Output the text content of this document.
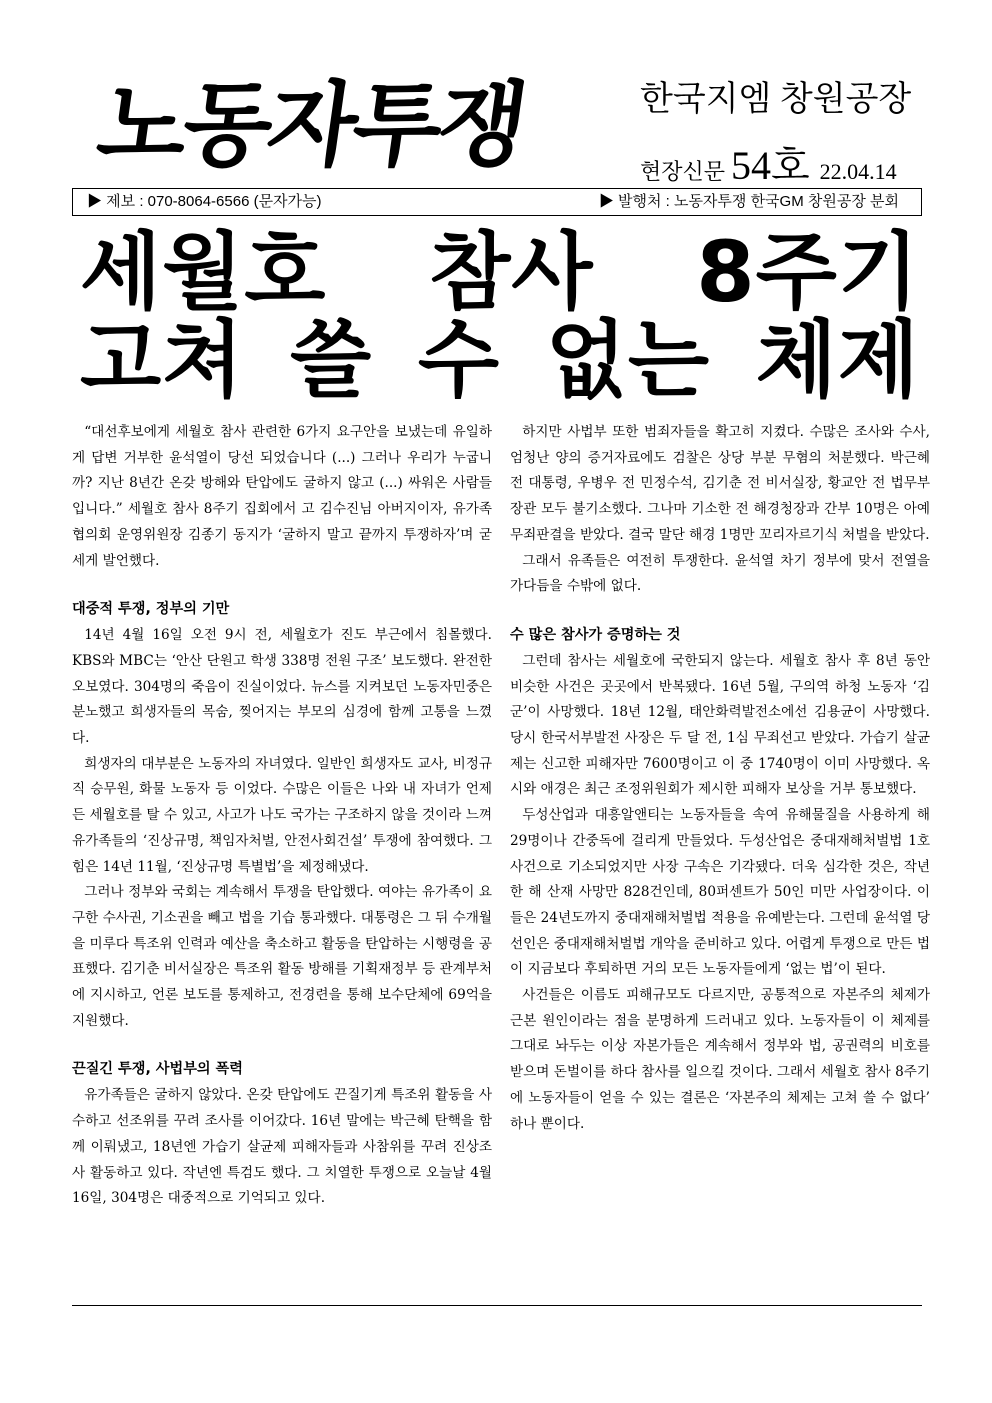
노동자투쟁	한국지엠 창원공장
현장신문 54호 22.04.14
▶ 제보 : 070-8064-6566 (문자가능)	▶ 발행처 : 노동자투쟁 한국GM 창원공장 분회
세월호 참사 8주기
고쳐 쓸 수 없는 체제

“대선후보에게 세월호 참사 관련한 6가지 요구안을 보냈는데 유일하게 답변 거부한 윤석열이 당선 되었습니다 (...) 그러나 우리가 누굽니까? 지난 8년간 온갖 방해와 탄압에도 굴하지 않고 (...) 싸워온 사람들입니다.” 세월호 참사 8주기 집회에서 고 김수진님 아버지이자, 유가족 협의회 운영위원장 김종기 동지가 ‘굴하지 말고 끝까지 투쟁하자’며 굳세게 발언했다.

대중적 투쟁, 정부의 기만

14년 4월 16일 오전 9시 전, 세월호가 진도 부근에서 침몰했다. KBS와 MBC는 ‘안산 단원고 학생 338명 전원 구조’ 보도했다. 완전한 오보였다. 304명의 죽음이 진실이었다. 뉴스를 지켜보던 노동자민중은 분노했고 희생자들의 목숨, 찢어지는 부모의 심경에 함께 고통을 느꼈다.

희생자의 대부분은 노동자의 자녀였다. 일반인 희생자도 교사, 비정규직 승무원, 화물 노동자 등 이었다. 수많은 이들은 나와 내 자녀가 언제든 세월호를 탈 수 있고, 사고가 나도 국가는 구조하지 않을 것이라 느껴 유가족들의 ‘진상규명, 책임자처벌, 안전사회건설’ 투쟁에 참여했다. 그 힘은 14년 11월, ‘진상규명 특별법’을 제정해냈다.

그러나 정부와 국회는 계속해서 투쟁을 탄압했다. 여야는 유가족이 요구한 수사권, 기소권을 빼고 법을 기습 통과했다. 대통령은 그 뒤 수개월을 미루다 특조위 인력과 예산을 축소하고 활동을 탄압하는 시행령을 공표했다. 김기춘 비서실장은 특조위 활동 방해를 기획재정부 등 관계부처에 지시하고, 언론 보도를 통제하고, 전경련을 통해 보수단체에 69억을 지원했다.

끈질긴 투쟁, 사법부의 폭력

유가족들은 굴하지 않았다. 온갖 탄압에도 끈질기게 특조위 활동을 사수하고 선조위를 꾸려 조사를 이어갔다. 16년 말에는 박근혜 탄핵을 함께 이뤄냈고, 18년엔 가습기 살균제 피해자들과 사참위를 꾸려 진상조사 활동하고 있다. 작년엔 특검도 했다. 그 치열한 투쟁으로 오늘날 4월 16일, 304명은 대중적으로 기억되고 있다.

하지만 사법부 또한 범죄자들을 확고히 지켰다. 수많은 조사와 수사, 엄청난 양의 증거자료에도 검찰은 상당 부분 무혐의 처분했다. 박근혜 전 대통령, 우병우 전 민정수석, 김기춘 전 비서실장, 황교안 전 법무부 장관 모두 불기소했다. 그나마 기소한 전 해경청장과 간부 10명은 아예 무죄판결을 받았다. 결국 말단 해경 1명만 꼬리자르기식 처벌을 받았다.

그래서 유족들은 여전히 투쟁한다. 윤석열 차기 정부에 맞서 전열을 가다듬을 수밖에 없다.

수 많은 참사가 증명하는 것

그런데 참사는 세월호에 국한되지 않는다. 세월호 참사 후 8년 동안 비슷한 사건은 곳곳에서 반복됐다. 16년 5월, 구의역 하청 노동자 ‘김군’이 사망했다. 18년 12월, 태안화력발전소에선 김용균이 사망했다. 당시 한국서부발전 사장은 두 달 전, 1심 무죄선고 받았다. 가습기 살균제는 신고한 피해자만 7600명이고 이 중 1740명이 이미 사망했다. 옥시와 애경은 최근 조정위원회가 제시한 피해자 보상을 거부 통보했다.

두성산업과 대흥알앤티는 노동자들을 속여 유해물질을 사용하게 해 29명이나 간중독에 걸리게 만들었다. 두성산업은 중대재해처벌법 1호 사건으로 기소되었지만 사장 구속은 기각됐다. 더욱 심각한 것은, 작년 한 해 산재 사망만 828건인데, 80퍼센트가 50인 미만 사업장이다. 이들은 24년도까지 중대재해처벌법 적용을 유예받는다. 그런데 윤석열 당선인은 중대재해처벌법 개악을 준비하고 있다. 어렵게 투쟁으로 만든 법이 지금보다 후퇴하면 거의 모든 노동자들에게 ‘없는 법’이 된다.

사건들은 이름도 피해규모도 다르지만, 공통적으로 자본주의 체제가 근본 원인이라는 점을 분명하게 드러내고 있다. 노동자들이 이 체제를 그대로 놔두는 이상 자본가들은 계속해서 정부와 법, 공권력의 비호를 받으며 돈벌이를 하다 참사를 일으킬 것이다. 그래서 세월호 참사 8주기에 노동자들이 얻을 수 있는 결론은 ‘자본주의 체제는 고쳐 쓸 수 없다’ 하나 뿐이다.
